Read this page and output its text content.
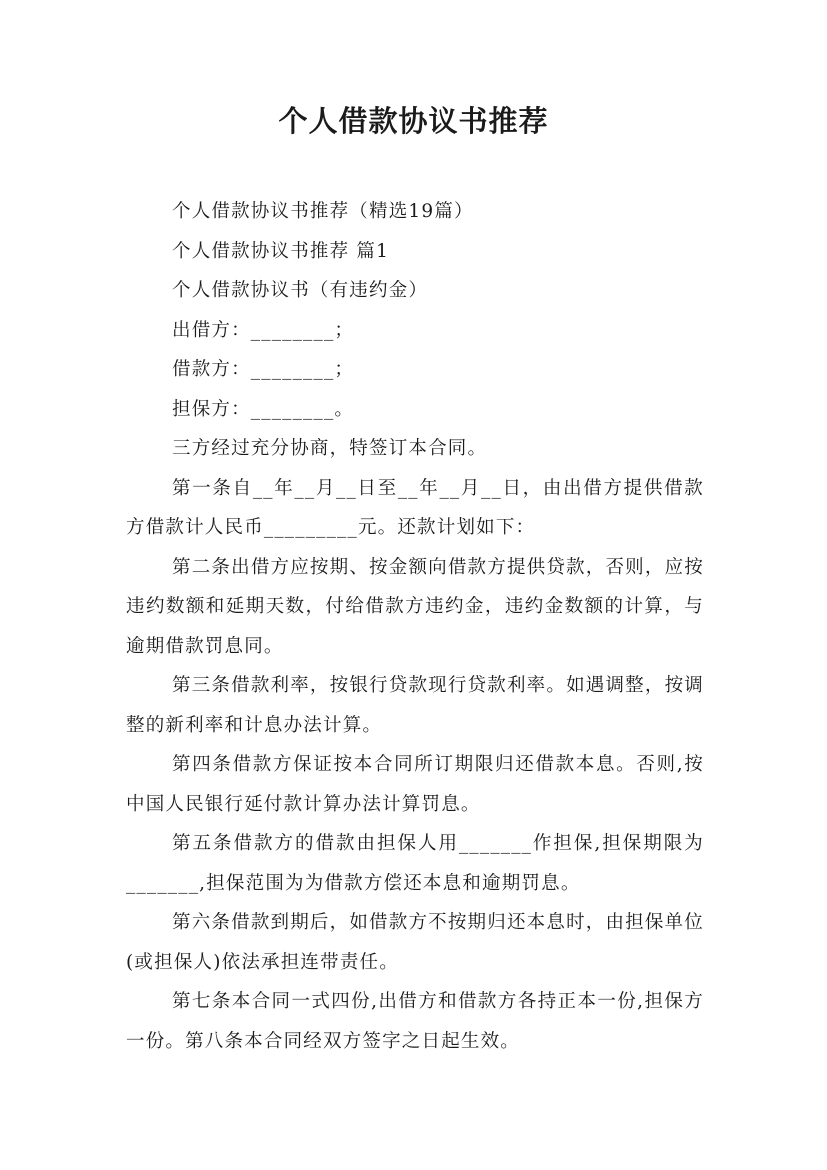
个人借款协议书推荐

个人借款协议书推荐（精选19篇）

个人借款协议书推荐 篇1

个人借款协议书（有违约金）

出借方：________；

借款方：________；

担保方：________。

三方经过充分协商，特签订本合同。

第一条自__年__月__日至__年__月__日，由出借方提供借款方借款计人民币_________元。还款计划如下：

第二条出借方应按期、按金额向借款方提供贷款，否则，应按违约数额和延期天数，付给借款方违约金，违约金数额的计算，与逾期借款罚息同。

第三条借款利率，按银行贷款现行贷款利率。如遇调整，按调整的新利率和计息办法计算。

第四条借款方保证按本合同所订期限归还借款本息。否则,按中国人民银行延付款计算办法计算罚息。

第五条借款方的借款由担保人用_______作担保,担保期限为_______,担保范围为为借款方偿还本息和逾期罚息。

第六条借款到期后，如借款方不按期归还本息时，由担保单位(或担保人)依法承担连带责任。

第七条本合同一式四份,出借方和借款方各持正本一份,担保方一份。第八条本合同经双方签字之日起生效。
